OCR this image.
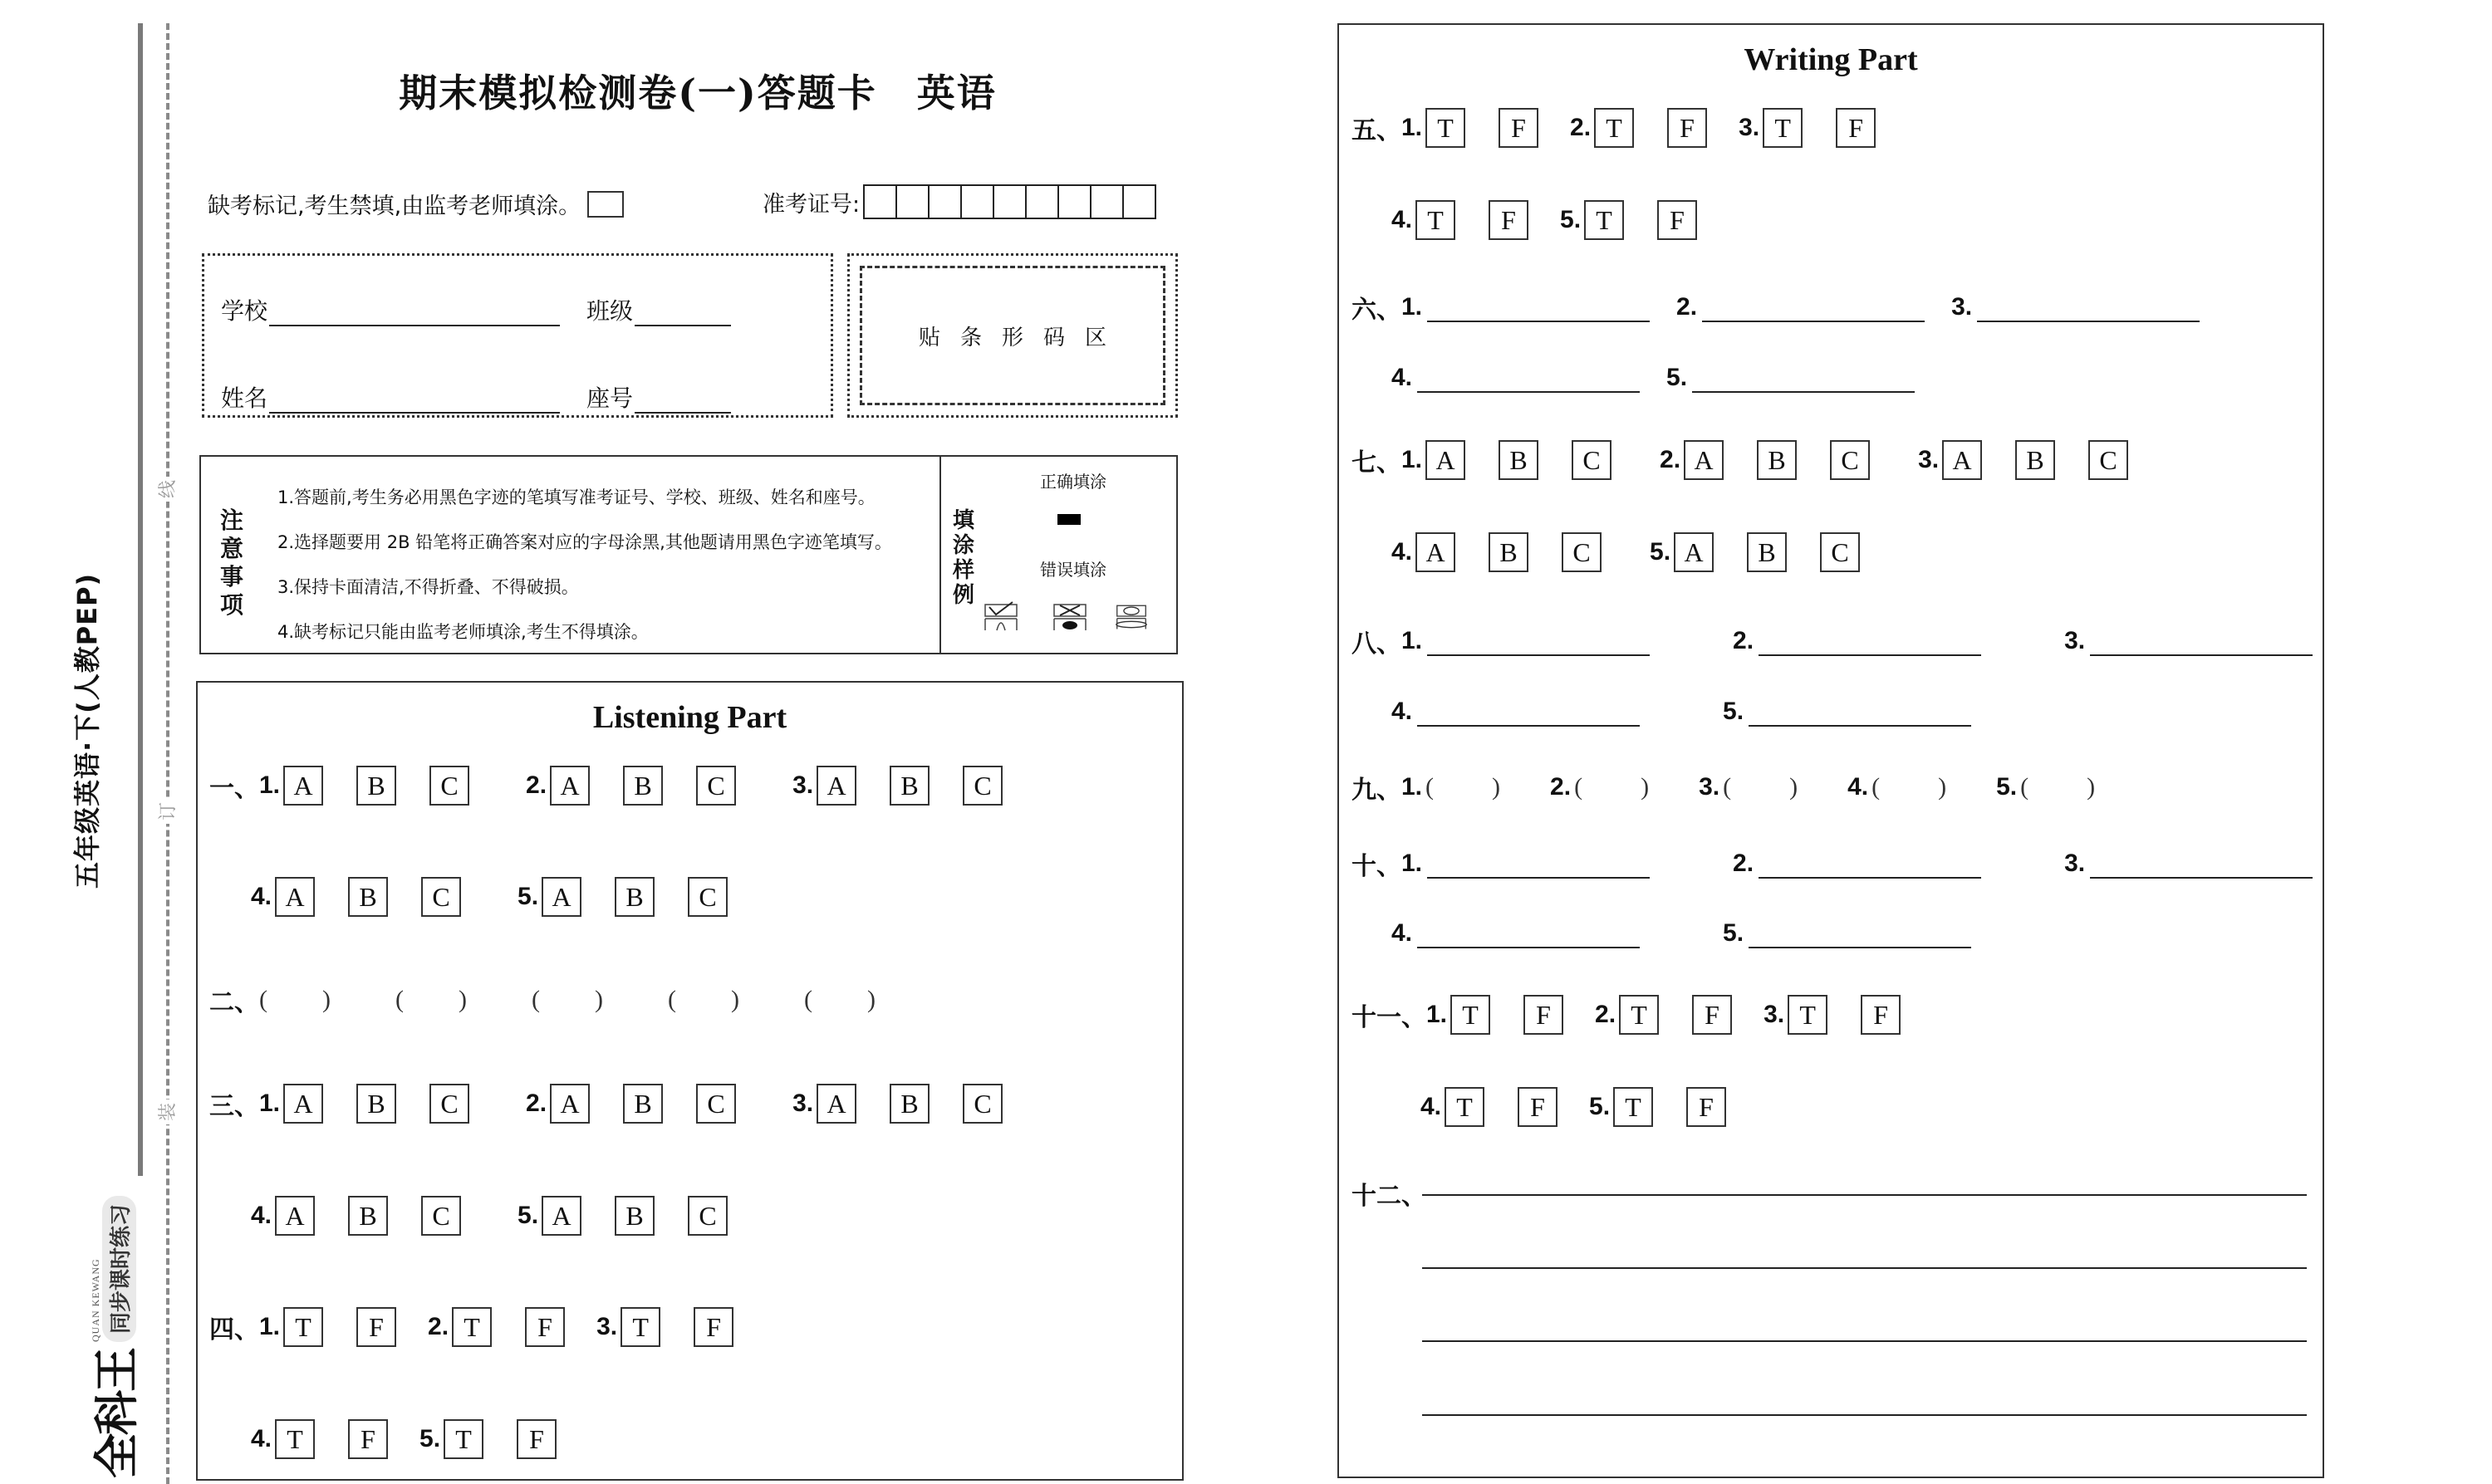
线
订
装
五年级英语·下(人教PEP)
全科王
QUAN KEWANG 同步课时练习
期末模拟检测卷(一)答题卡　英语
缺考标记,考生禁填,由监考老师填涂。	准考证号:
学校	班级
姓名	座号
贴条形码区
注意事项
1.答题前,考生务必用黑色字迹的笔填写准考证号、学校、班级、姓名和座号。
2.选择题要用 2B 铅笔将正确答案对应的字母涂黑,其他题请用黑色字迹笔填写。
3.保持卡面清洁,不得折叠、不得破损。
4.缺考标记只能由监考老师填涂,考生不得填涂。
填涂样例
正确填涂
错误填涂
Listening Part
一、 1. A	B	C	2. A	B	C	3. A	B	C
4. A	B	C	5. A	B	C
二、 ( )	( )	( )	( )	( )
三、 1. A	B	C	2. A	B	C	3. A	B	C
4. A	B	C	5. A	B	C
四、 1. T	F	2. T	F	3. T	F
4. T	F	5. T	F
Writing Part
五、 1. T	F	2. T	F	3. T	F
4. T	F	5. T	F
六、 1.	2.	3.
4.	5.
七、 1. A	B	C	2. A	B	C	3. A	B	C
4. A	B	C	5. A	B	C
八、 1.	2.	3.
4.	5.
九、 1. ( ) 2. ( ) 3. ( ) 4. ( ) 5. ( )
十、 1.	2.	3.
4.	5.
十一、 1. T	F	2. T	F	3. T	F
4. T	F	5. T	F
十二、
